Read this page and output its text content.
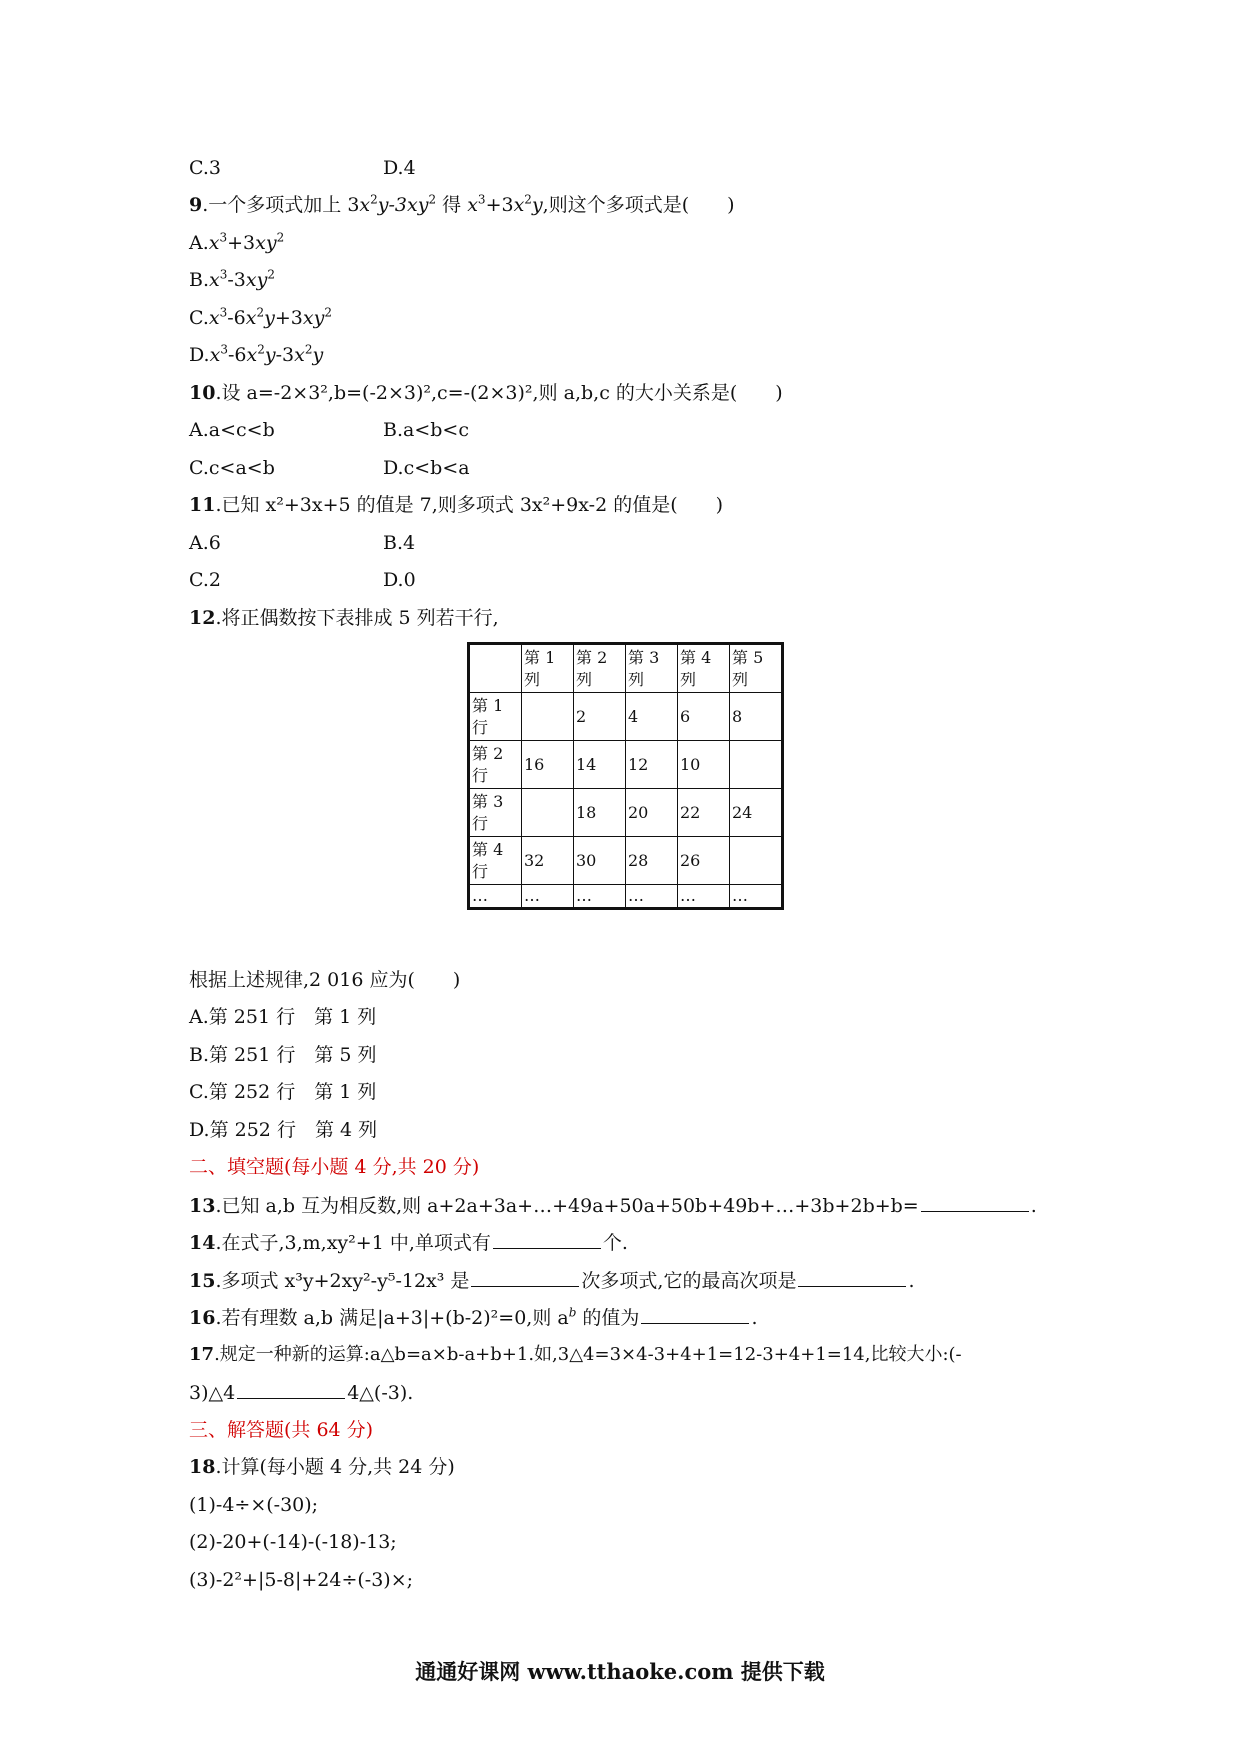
C.3	D.4
9.一个多项式加上 $3x^2y-3xy^2$ 得 $x^3+3x^2y$,则这个多项式是(　　)
$A.x^3+3xy^2$
$B.x^3-3xy^2$
$C.x^3-6x^2y+3xy^2$
$D.x^3-6x^2y-3x^2y$
10.设 a=-2×3²,b=(-2×3)²,c=-(2×3)²,则 a,b,c 的大小关系是(　　)
A.a<c<b	B.a<b<c
C.c<a<b	D.c<b<a
11.已知 x²+3x+5 的值是 7,则多项式 3x²+9x-2 的值是(　　)
A.6	B.4
C.2	D.0
12.将正偶数按下表排成 5 列若干行,
	第 1 列	第 2 列	第 3 列	第 4 列	第 5 列
第 1 行		2	4	6	8
第 2 行	16	14	12	10	
第 3 行		18	20	22	24
第 4 行	32	30	28	26	
…	…	…	…	…	…
根据上述规律,2 016 应为(　　)
A.第 251 行　第 1 列
B.第 251 行　第 5 列
C.第 252 行　第 1 列
D.第 252 行　第 4 列
二、填空题(每小题 4 分,共 20 分)
13.已知 a,b 互为相反数,则 a+2a+3a+…+49a+50a+50b+49b+…+3b+2b+b=	.
14.在式子,3,m,xy²+1 中,单项式有	个.
15.多项式 x³y+2xy²-y⁵-12x³ 是	次多项式,它的最高次项是	.
16.若有理数 a,b 满足|a+3|+(b-2)²=0,则 $a^b$ 的值为	.
17.规定一种新的运算:a△b=a×b-a+b+1.如,3△4=3×4-3+4+1=12-3+4+1=14,比较大小:(-
3)△4	4△(-3).
三、解答题(共 64 分)
18.计算(每小题 4 分,共 24 分)
(1)-4÷×(-30);
(2)-20+(-14)-(-18)-13;
(3)-2²+|5-8|+24÷(-3)×;
通通好课网 www.tthaoke.com 提供下载
